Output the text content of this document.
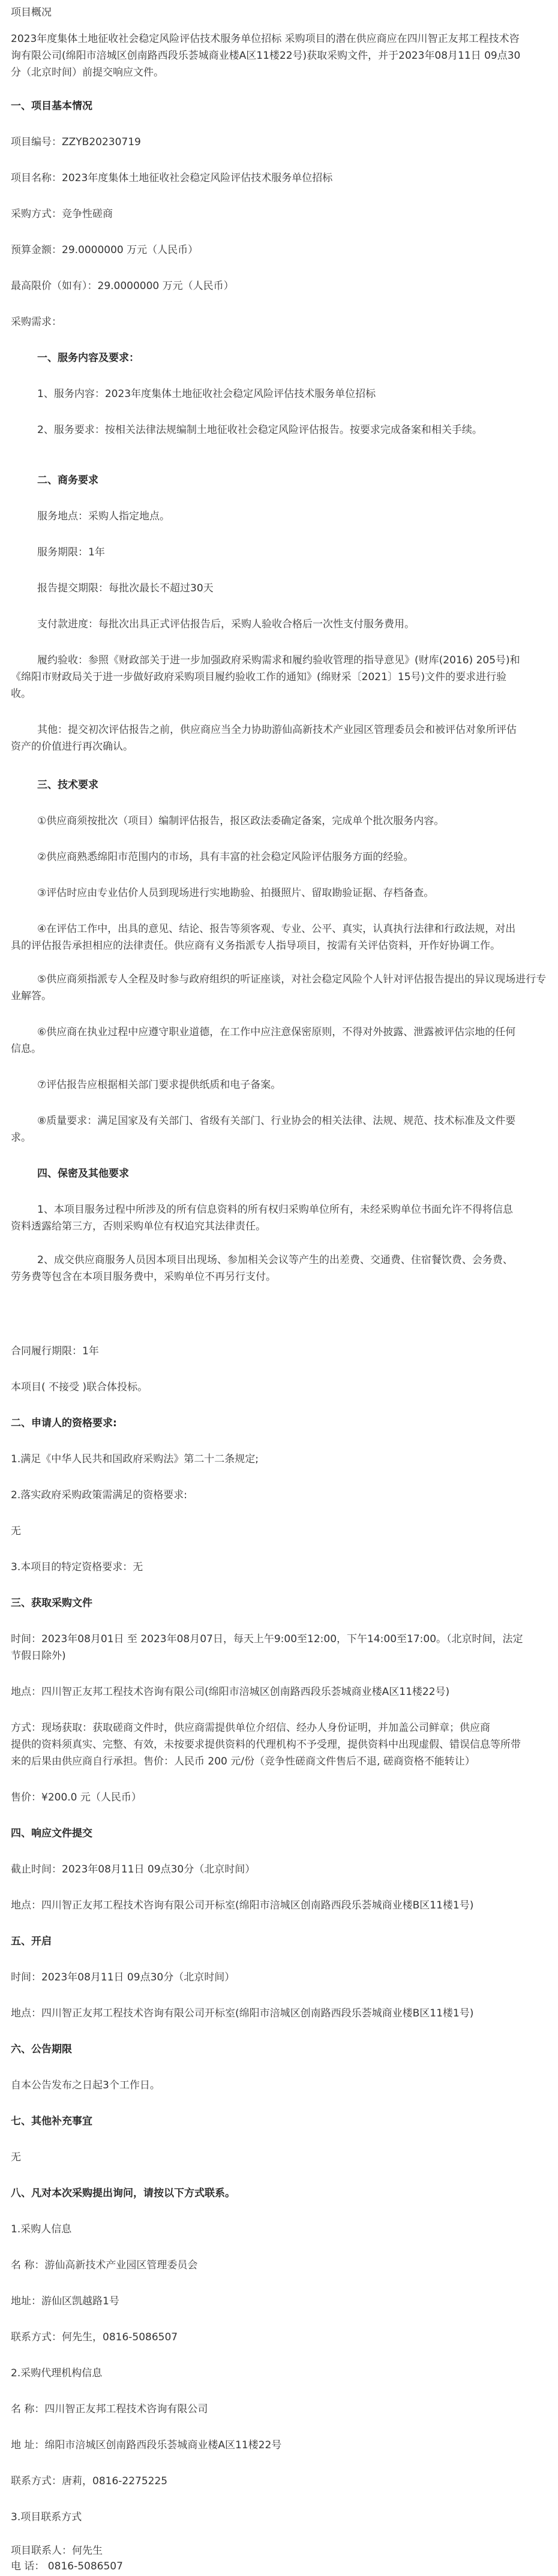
项目概况
2023年度集体土地征收社会稳定风险评估技术服务单位招标 采购项目的潜在供应商应在四川智正友邦工程技术咨
询有限公司(绵阳市涪城区创南路西段乐荟城商业楼A区11楼22号)获取采购文件，并于2023年08月11日 09点30
分（北京时间）前提交响应文件。
一、项目基本情况
项目编号：ZZYB20230719
项目名称：2023年度集体土地征收社会稳定风险评估技术服务单位招标
采购方式：竞争性磋商
预算金额：29.0000000 万元（人民币）
最高限价（如有）：29.0000000 万元（人民币）
采购需求：
一、服务内容及要求：
1、服务内容：2023年度集体土地征收社会稳定风险评估技术服务单位招标
2、服务要求：按相关法律法规编制土地征收社会稳定风险评估报告。按要求完成备案和相关手续。
二、商务要求
服务地点：采购人指定地点。
服务期限：1年
报告提交期限：每批次最长不超过30天
支付款进度：每批次出具正式评估报告后，采购人验收合格后一次性支付服务费用。
履约验收：参照《财政部关于进一步加强政府采购需求和履约验收管理的指导意见》(财库(2016) 205号)和
《绵阳市财政局关于进一步做好政府采购项目履约验收工作的通知》(绵财采〔2021〕15号)文件的要求进行验
收。
其他：提交初次评估报告之前，供应商应当全力协助游仙高新技术产业园区管理委员会和被评估对象所评估
资产的价值进行再次确认。
三、技术要求
①供应商须按批次（项目）编制评估报告，报区政法委确定备案，完成单个批次服务内容。
②供应商熟悉绵阳市范围内的市场，具有丰富的社会稳定风险评估服务方面的经验。
③评估时应由专业估价人员到现场进行实地勘验、拍摄照片、留取勘验证据、存档备查。
④在评估工作中，出具的意见、结论、报告等须客观、专业、公平、真实，认真执行法律和行政法规，对出
具的评估报告承担相应的法律责任。供应商有义务指派专人指导项目，按需有关评估资料，开作好协调工作。
⑤供应商须指派专人全程及时参与政府组织的听证座谈，对社会稳定风险个人针对评估报告提出的异议现场进行专
业解答。
⑥供应商在执业过程中应遵守职业道德，在工作中应注意保密原则，不得对外披露、泄露被评估宗地的任何
信息。
⑦评估报告应根据相关部门要求提供纸质和电子备案。
⑧质量要求：满足国家及有关部门、省级有关部门、行业协会的相关法律、法规、规范、技术标准及文件要
求。
四、保密及其他要求
1、本项目服务过程中所涉及的所有信息资料的所有权归采购单位所有，未经采购单位书面允许不得将信息
资料透露给第三方，否则采购单位有权追究其法律责任。
2、成交供应商服务人员因本项目出现场、参加相关会议等产生的出差费、交通费、住宿餐饮费、会务费、
劳务费等包含在本项目服务费中，采购单位不再另行支付。
合同履行期限：1年
本项目( 不接受 )联合体投标。
二、申请人的资格要求:
1.满足《中华人民共和国政府采购法》第二十二条规定;
2.落实政府采购政策需满足的资格要求:
无
3.本项目的特定资格要求：无
三、获取采购文件
时间：2023年08月01日 至 2023年08月07日，每天上午9:00至12:00，下午14:00至17:00。（北京时间，法定
节假日除外)
地点：四川智正友邦工程技术咨询有限公司(绵阳市涪城区创南路西段乐荟城商业楼A区11楼22号)
方式：现场获取：获取磋商文件时，供应商需提供单位介绍信、经办人身份证明，并加盖公司鲜章；供应商
提供的资料须真实、完整、有效，未按要求提供资料的代理机构不予受理，提供资料中出现虚假、错误信息等所带
来的后果由供应商自行承担。售价：人民币 200 元/份（竞争性磋商文件售后不退, 磋商资格不能转让）
售价：¥200.0 元（人民币）
四、响应文件提交
截止时间：2023年08月11日 09点30分（北京时间）
地点：四川智正友邦工程技术咨询有限公司开标室(绵阳市涪城区创南路西段乐荟城商业楼B区11楼1号)
五、开启
时间：2023年08月11日 09点30分（北京时间）
地点：四川智正友邦工程技术咨询有限公司开标室(绵阳市涪城区创南路西段乐荟城商业楼B区11楼1号)
六、公告期限
自本公告发布之日起3个工作日。
七、其他补充事宜
无
八、凡对本次采购提出询问，请按以下方式联系。
1.采购人信息
名 称：游仙高新技术产业园区管理委员会
地址：游仙区凯越路1号
联系方式：何先生，0816-5086507
2.采购代理机构信息
名 称：四川智正友邦工程技术咨询有限公司
地 址：绵阳市涪城区创南路西段乐荟城商业楼A区11楼22号
联系方式：唐莉，0816-2275225
3.项目联系方式
项目联系人：何先生
电 话： 0816-5086507
